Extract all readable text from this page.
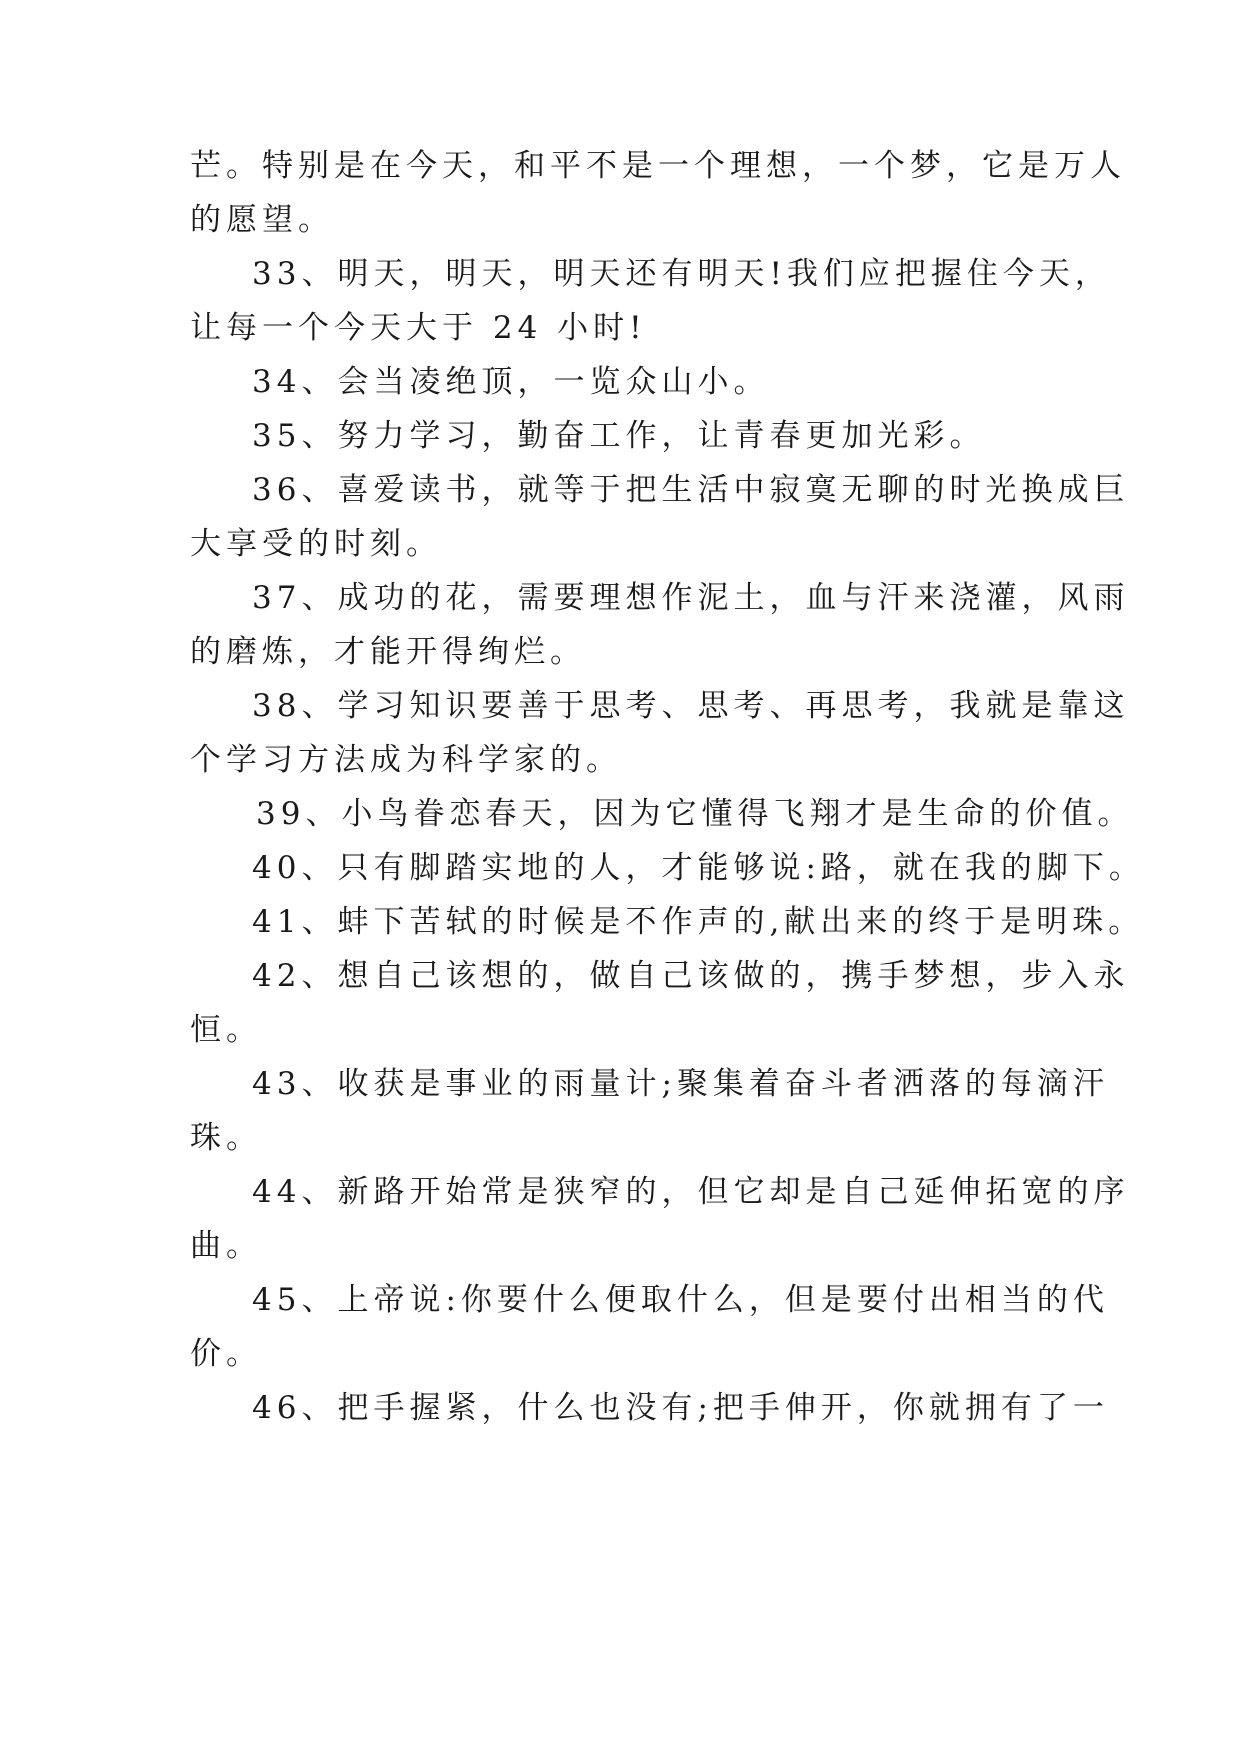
芒。特别是在今天，和平不是一个理想，一个梦，它是万人
的愿望。
33、明天，明天，明天还有明天!我们应把握住今天，
让每一个今天大于 24 小时!
34、会当凌绝顶，一览众山小。
35、努力学习，勤奋工作，让青春更加光彩。
36、喜爱读书，就等于把生活中寂寞无聊的时光换成巨
大享受的时刻。
37、成功的花，需要理想作泥土，血与汗来浇灌，风雨
的磨炼，才能开得绚烂。
38、学习知识要善于思考、思考、再思考，我就是靠这
个学习方法成为科学家的。
39、小鸟眷恋春天，因为它懂得飞翔才是生命的价值。
40、只有脚踏实地的人，才能够说:路，就在我的脚下。
41、蚌下苦轼的时候是不作声的,献出来的终于是明珠。
42、想自己该想的，做自己该做的，携手梦想，步入永
恒。
43、收获是事业的雨量计;聚集着奋斗者洒落的每滴汗
珠。
44、新路开始常是狭窄的，但它却是自己延伸拓宽的序
曲。
45、上帝说:你要什么便取什么，但是要付出相当的代
价。
46、把手握紧，什么也没有;把手伸开，你就拥有了一
